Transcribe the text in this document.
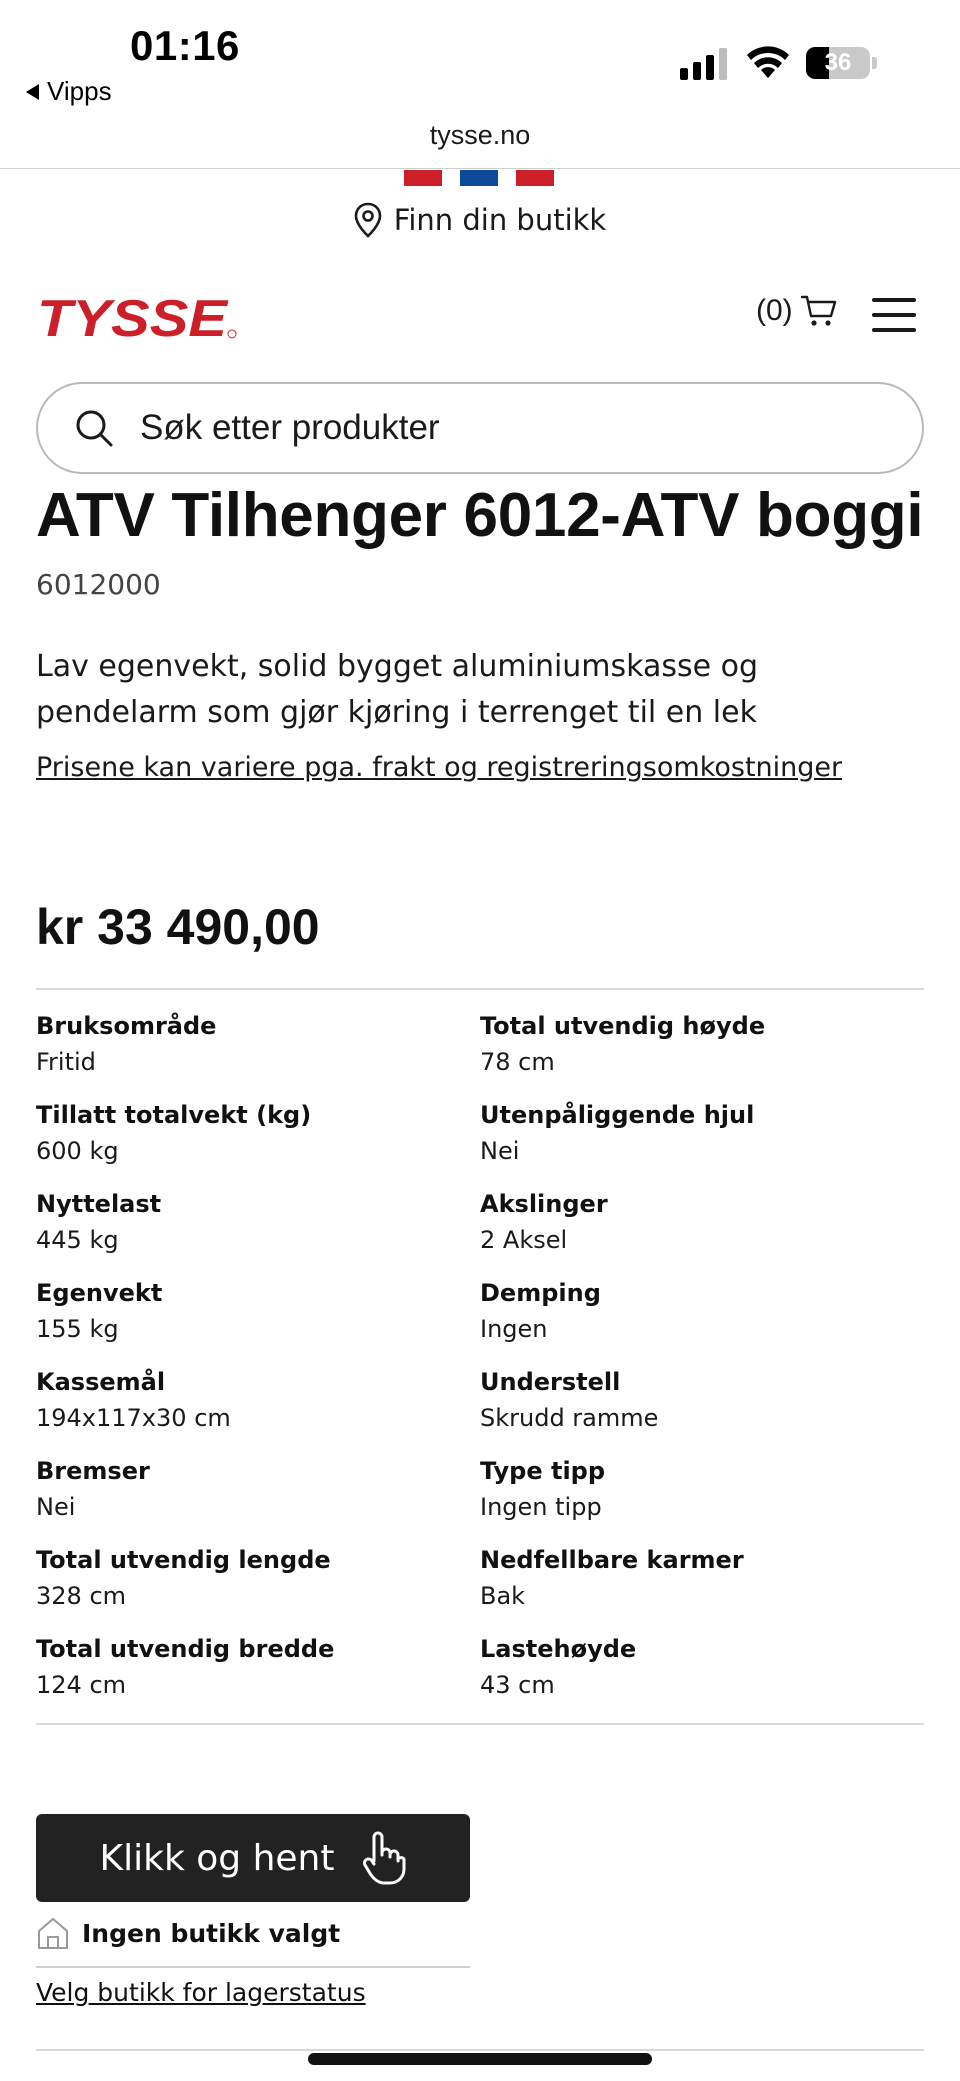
01:16
Vipps
36
tysse.no
Finn din butikk
TYSSE	(0)
Søk etter produkter
ATV Tilhenger 6012-ATV boggi
6012000

Lav egenvekt, solid bygget aluminiumskasse og pendelarm som gjør kjøring i terrenget til en lek

Prisene kan variere pga. frakt og registreringsomkostninger
kr 33 490,00
Bruksområde
Fritid
Total utvendig høyde
78 cm
Tillatt totalvekt (kg)
600 kg
Utenpåliggende hjul
Nei
Nyttelast
445 kg
Akslinger
2 Aksel
Egenvekt
155 kg
Demping
Ingen
Kassemål
194x117x30 cm
Understell
Skrudd ramme
Bremser
Nei
Type tipp
Ingen tipp
Total utvendig lengde
328 cm
Nedfellbare karmer
Bak
Total utvendig bredde
124 cm
Lastehøyde
43 cm
Klikk og hent
Ingen butikk valgt
Velg butikk for lagerstatus
